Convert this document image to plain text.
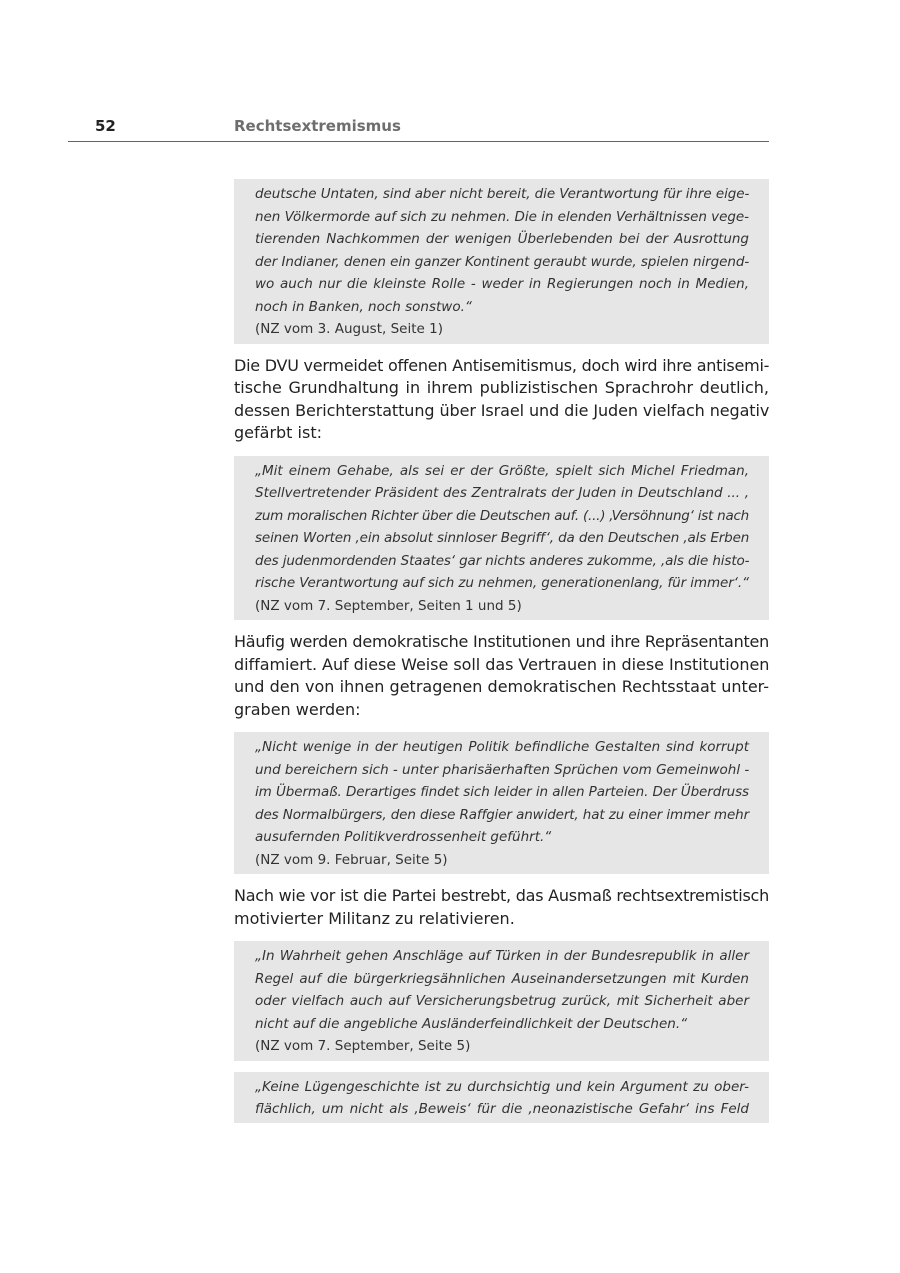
52	Rechtsextremismus
deutsche Untaten, sind aber nicht bereit, die Verantwortung für ihre eige-
nen Völkermorde auf sich zu nehmen. Die in elenden Verhältnissen vege-
tierenden Nachkommen der wenigen Überlebenden bei der Ausrottung
der Indianer, denen ein ganzer Kontinent geraubt wurde, spielen nirgend-
wo auch nur die kleinste Rolle - weder in Regierungen noch in Medien,
noch in Banken, noch sonstwo.“
(NZ vom 3. August, Seite 1)
Die DVU vermeidet offenen Antisemitismus, doch wird ihre antisemi-
tische Grundhaltung in ihrem publizistischen Sprachrohr deutlich,
dessen Berichterstattung über Israel und die Juden vielfach negativ
gefärbt ist:
„Mit einem Gehabe, als sei er der Größte, spielt sich Michel Friedman,
Stellvertretender Präsident des Zentralrats der Juden in Deutschland ... ,
zum moralischen Richter über die Deutschen auf. (...) ‚Versöhnung‘ ist nach
seinen Worten ‚ein absolut sinnloser Begriff‘, da den Deutschen ‚als Erben
des judenmordenden Staates‘ gar nichts anderes zukomme, ‚als die histo-
rische Verantwortung auf sich zu nehmen, generationenlang, für immer‘.“
(NZ vom 7. September, Seiten 1 und 5)
Häufig werden demokratische Institutionen und ihre Repräsentanten
diffamiert. Auf diese Weise soll das Vertrauen in diese Institutionen
und den von ihnen getragenen demokratischen Rechtsstaat unter-
graben werden:
„Nicht wenige in der heutigen Politik befindliche Gestalten sind korrupt
und bereichern sich - unter pharisäerhaften Sprüchen vom Gemeinwohl -
im Übermaß. Derartiges findet sich leider in allen Parteien. Der Überdruss
des Normalbürgers, den diese Raffgier anwidert, hat zu einer immer mehr
ausufernden Politikverdrossenheit geführt.“
(NZ vom 9. Februar, Seite 5)
Nach wie vor ist die Partei bestrebt, das Ausmaß rechtsextremistisch
motivierter Militanz zu relativieren.
„In Wahrheit gehen Anschläge auf Türken in der Bundesrepublik in aller
Regel auf die bürgerkriegsähnlichen Auseinandersetzungen mit Kurden
oder vielfach auch auf Versicherungsbetrug zurück, mit Sicherheit aber
nicht auf die angebliche Ausländerfeindlichkeit der Deutschen.“
(NZ vom 7. September, Seite 5)
„Keine Lügengeschichte ist zu durchsichtig und kein Argument zu ober-
flächlich, um nicht als ‚Beweis‘ für die ‚neonazistische Gefahr‘ ins Feld
